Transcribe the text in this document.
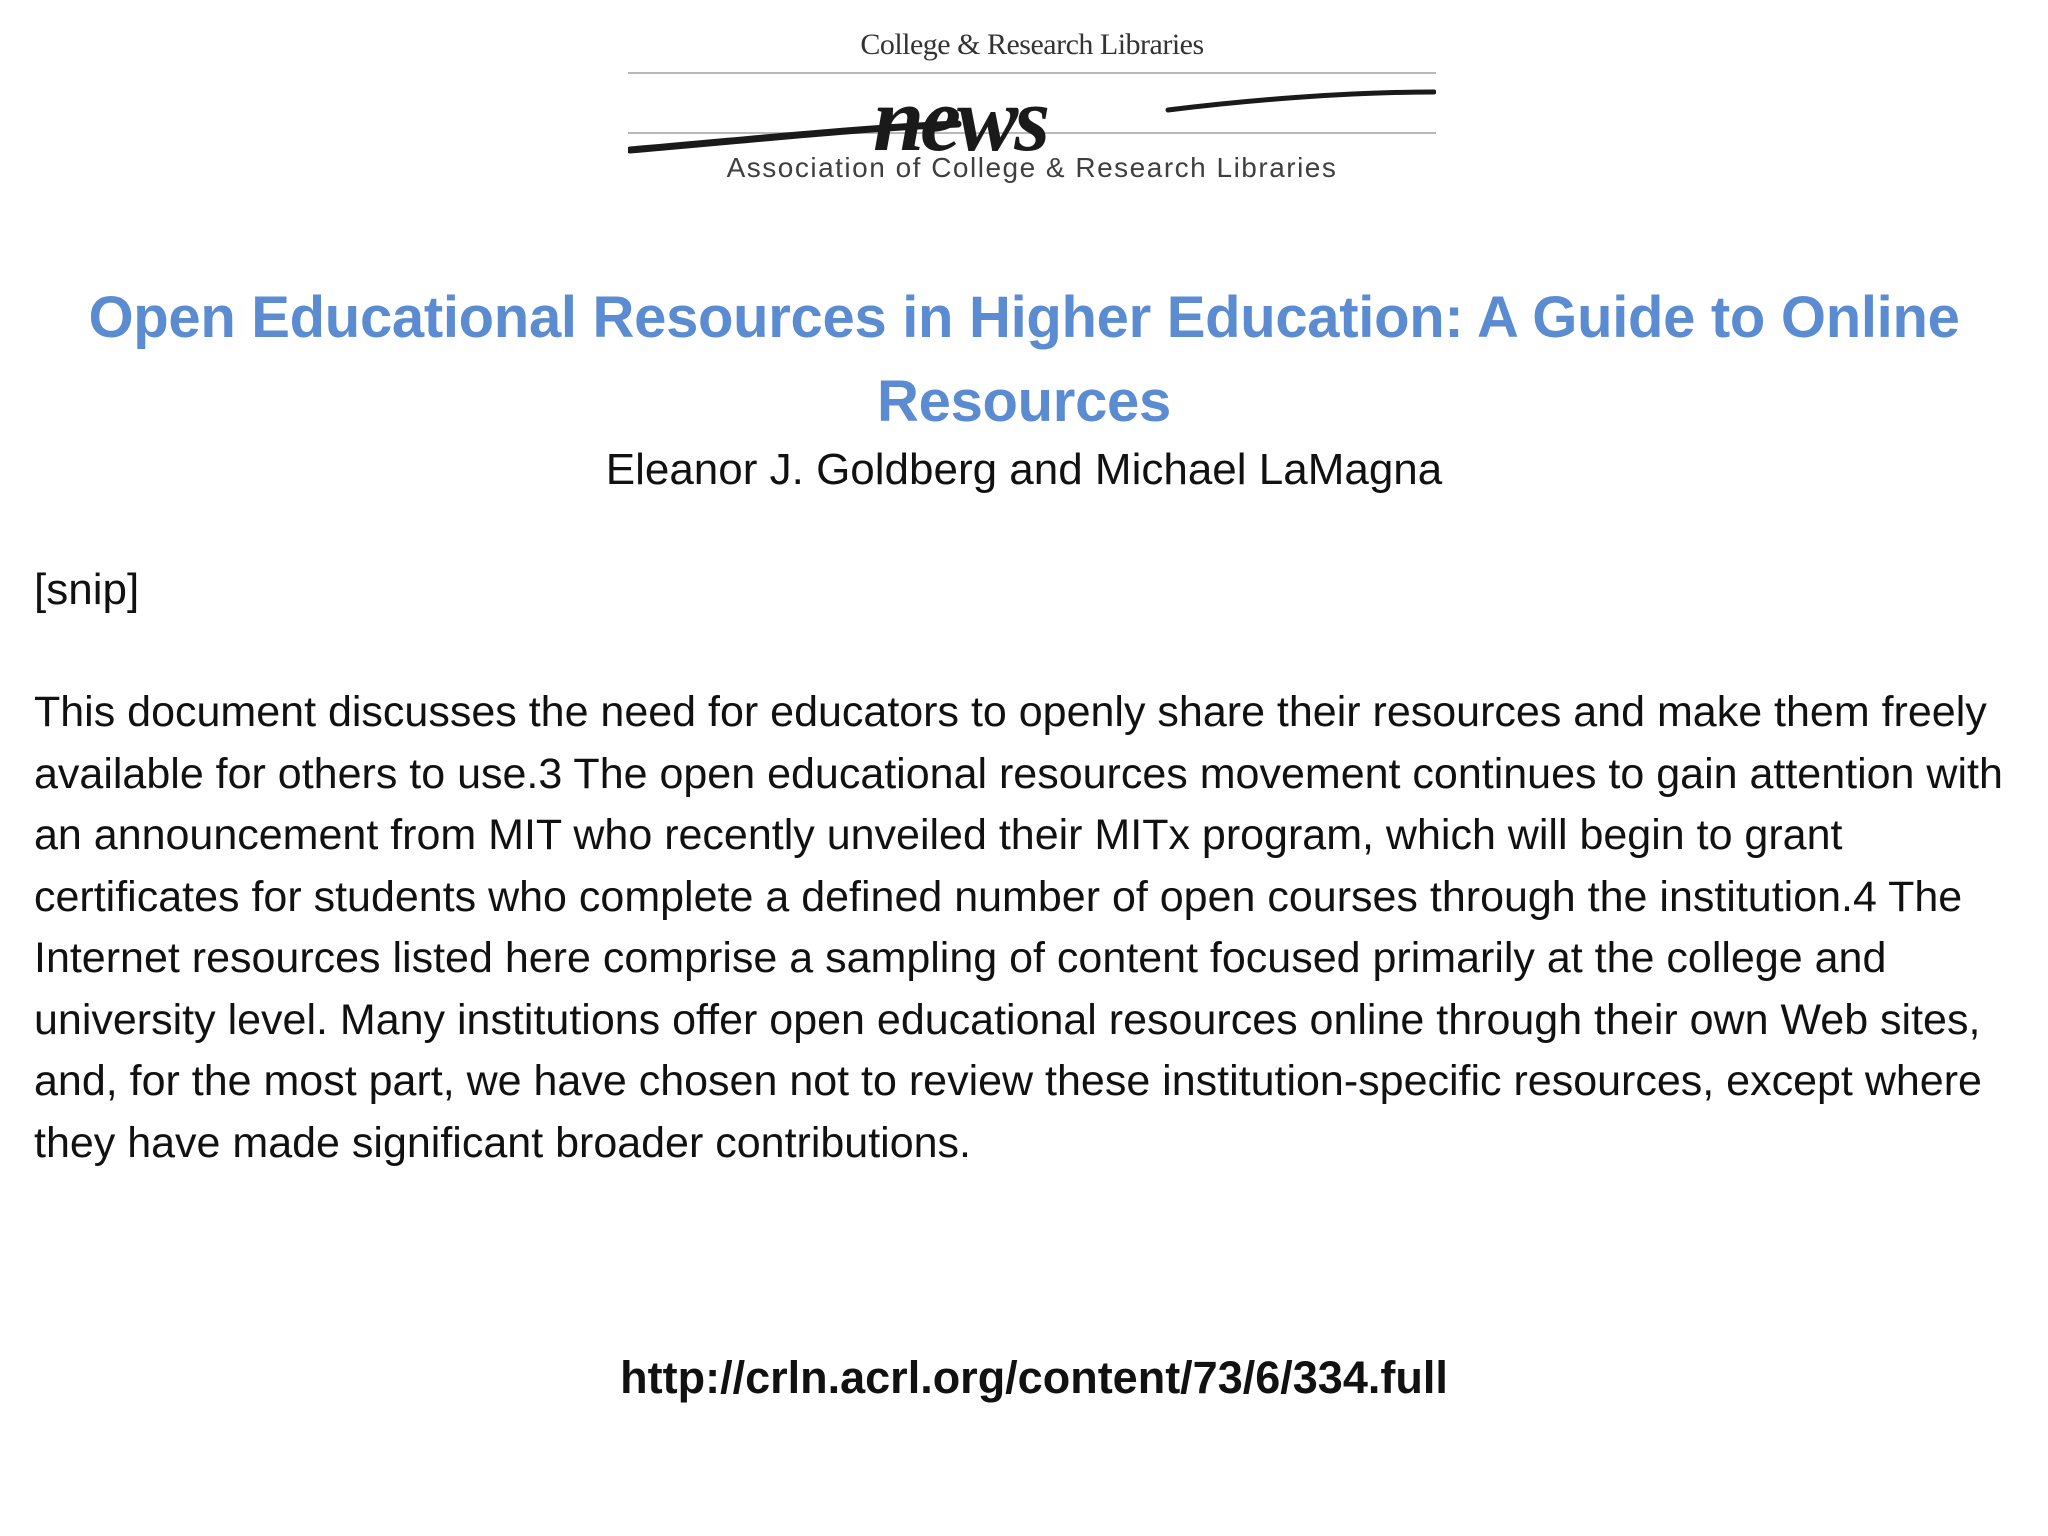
College & Research Libraries
news
Association of College & Research Libraries
Open Educational Resources in Higher Education: A Guide to Online Resources
Eleanor J. Goldberg and Michael LaMagna
[snip]

This document discusses the need for educators to openly share their resources and make them freely available for others to use.3 The open educational resources movement continues to gain attention with an announcement from MIT who recently unveiled their MITx program, which will begin to grant certificates for students who complete a defined number of open courses through the institution.4 The Internet resources listed here comprise a sampling of content focused primarily at the college and university level. Many institutions offer open educational resources online through their own Web sites, and, for the most part, we have chosen not to review these institution-specific resources, except where they have made significant broader contributions.

http://crln.acrl.org/content/73/6/334.full
